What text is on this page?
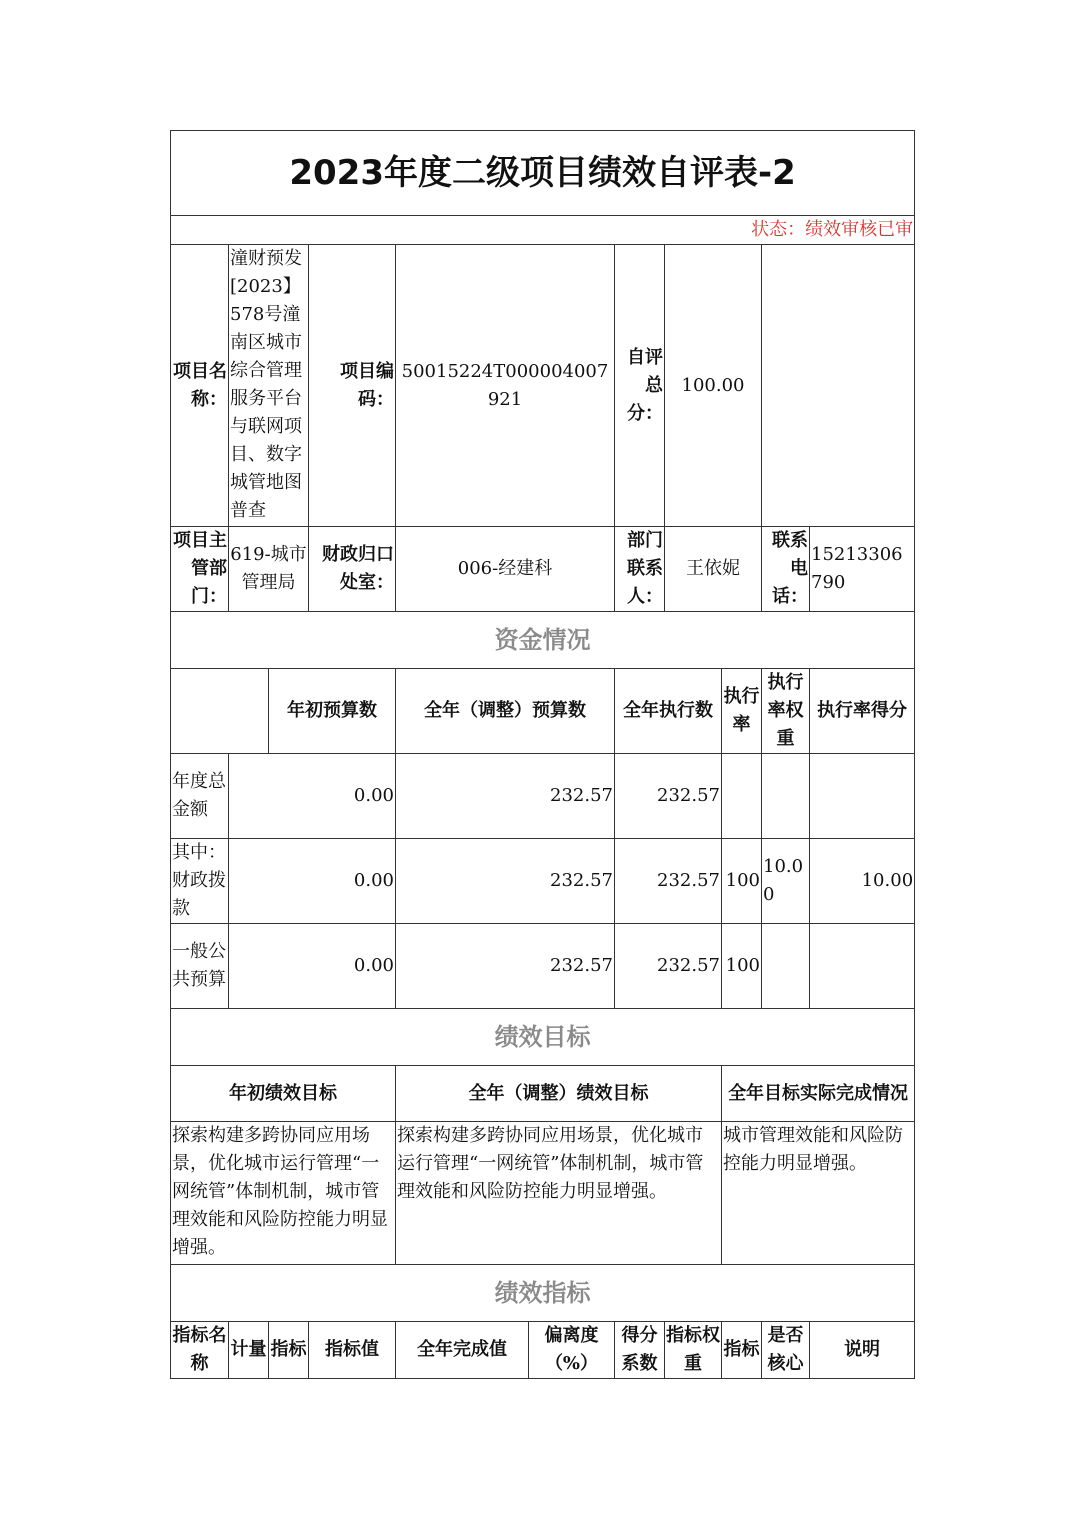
2023年度二级项目绩效自评表-2										
状态：绩效审核已审										
项目名称：	潼财预发[2023】578号潼南区城市综合管理服务平台与联网项目、数字城管地图普查		项目编码：	50015224T000004007921		自评总分：	100.00			
项目主管部门：	619-城市管理局		财政归口处室：	006-经建科		部门联系人：	王依妮		联系电话：	15213306790
资金情况										
		年初预算数		全年（调整）预算数		全年执行数		执行率	执行率权重	执行率得分
年度总金额	0.00			232.57		232.57				
其中：财政拨款	0.00			232.57		232.57		100	10.00	10.00
一般公共预算	0.00			232.57		232.57		100		
绩效目标										
年初绩效目标				全年（调整）绩效目标				全年目标实际完成情况		
探索构建多跨协同应用场景，优化城市运行管理“一网统管”体制机制，城市管理效能和风险防控能力明显增强。				探索构建多跨协同应用场景，优化城市运行管理“一网统管”体制机制，城市管理效能和风险防控能力明显增强。				城市管理效能和风险防控能力明显增强。		
绩效指标										
指标名称	计量	指标	指标值	全年完成值	偏离度（%）	得分系数	指标权重	指标	是否核心	说明
